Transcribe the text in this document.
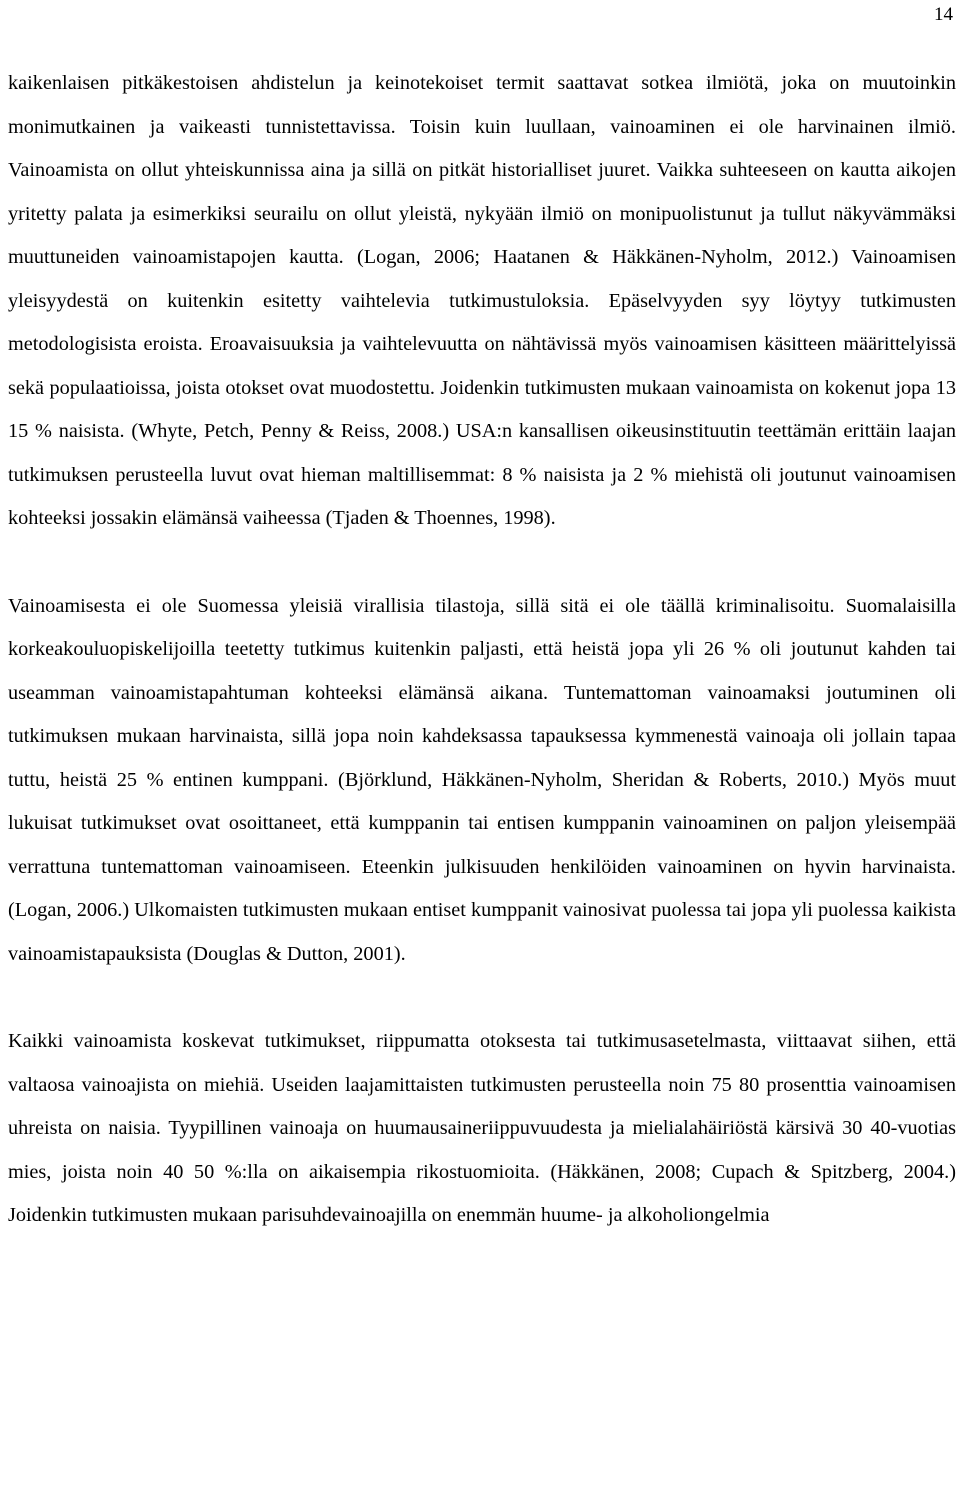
14

kaikenlaisen pitkäkestoisen ahdistelun ja keinotekoiset termit saattavat sotkea ilmiötä, joka on muutoinkin monimutkainen ja vaikeasti tunnistettavissa. Toisin kuin luullaan, vainoaminen ei ole harvinainen ilmiö. Vainoamista on ollut yhteiskunnissa aina ja sillä on pitkät historialliset juuret. Vaikka suhteeseen on kautta aikojen yritetty palata ja esimerkiksi seurailu on ollut yleistä, nykyään ilmiö on monipuolistunut ja tullut näkyvämmäksi muuttuneiden vainoamistapojen kautta. (Logan, 2006; Haatanen & Häkkänen-Nyholm, 2012.) Vainoamisen yleisyydestä on kuitenkin esitetty vaihtelevia tutkimustuloksia. Epäselvyyden syy löytyy tutkimusten metodologisista eroista. Eroavaisuuksia ja vaihtelevuutta on nähtävissä myös vainoamisen käsitteen määrittelyissä sekä populaatioissa, joista otokset ovat muodostettu. Joidenkin tutkimusten mukaan vainoamista on kokenut jopa 13 15 % naisista. (Whyte, Petch, Penny & Reiss, 2008.) USA:n kansallisen oikeusinstituutin teettämän erittäin laajan tutkimuksen perusteella luvut ovat hieman maltillisemmat: 8 % naisista ja 2 % miehistä oli joutunut vainoamisen kohteeksi jossakin elämänsä vaiheessa (Tjaden & Thoennes, 1998).

Vainoamisesta ei ole Suomessa yleisiä virallisia tilastoja, sillä sitä ei ole täällä kriminalisoitu. Suomalaisilla korkeakouluopiskelijoilla teetetty tutkimus kuitenkin paljasti, että heistä jopa yli 26 % oli joutunut kahden tai useamman vainoamistapahtuman kohteeksi elämänsä aikana. Tuntemattoman vainoamaksi joutuminen oli tutkimuksen mukaan harvinaista, sillä jopa noin kahdeksassa tapauksessa kymmenestä vainoaja oli jollain tapaa tuttu, heistä 25 % entinen kumppani. (Björklund, Häkkänen-Nyholm, Sheridan & Roberts, 2010.) Myös muut lukuisat tutkimukset ovat osoittaneet, että kumppanin tai entisen kumppanin vainoaminen on paljon yleisempää verrattuna tuntemattoman vainoamiseen. Eteenkin julkisuuden henkilöiden vainoaminen on hyvin harvinaista. (Logan, 2006.) Ulkomaisten tutkimusten mukaan entiset kumppanit vainosivat puolessa tai jopa yli puolessa kaikista vainoamistapauksista (Douglas & Dutton, 2001).

Kaikki vainoamista koskevat tutkimukset, riippumatta otoksesta tai tutkimusasetelmasta, viittaavat siihen, että valtaosa vainoajista on miehiä. Useiden laajamittaisten tutkimusten perusteella noin 75 80 prosenttia vainoamisen uhreista on naisia. Tyypillinen vainoaja on huumausaineriippuvuudesta ja mielialahäiriöstä kärsivä 30 40-vuotias mies, joista noin 40 50 %:lla on aikaisempia rikostuomioita. (Häkkänen, 2008; Cupach & Spitzberg, 2004.) Joidenkin tutkimusten mukaan parisuhdevainoajilla on enemmän huume- ja alkoholiongelmia
